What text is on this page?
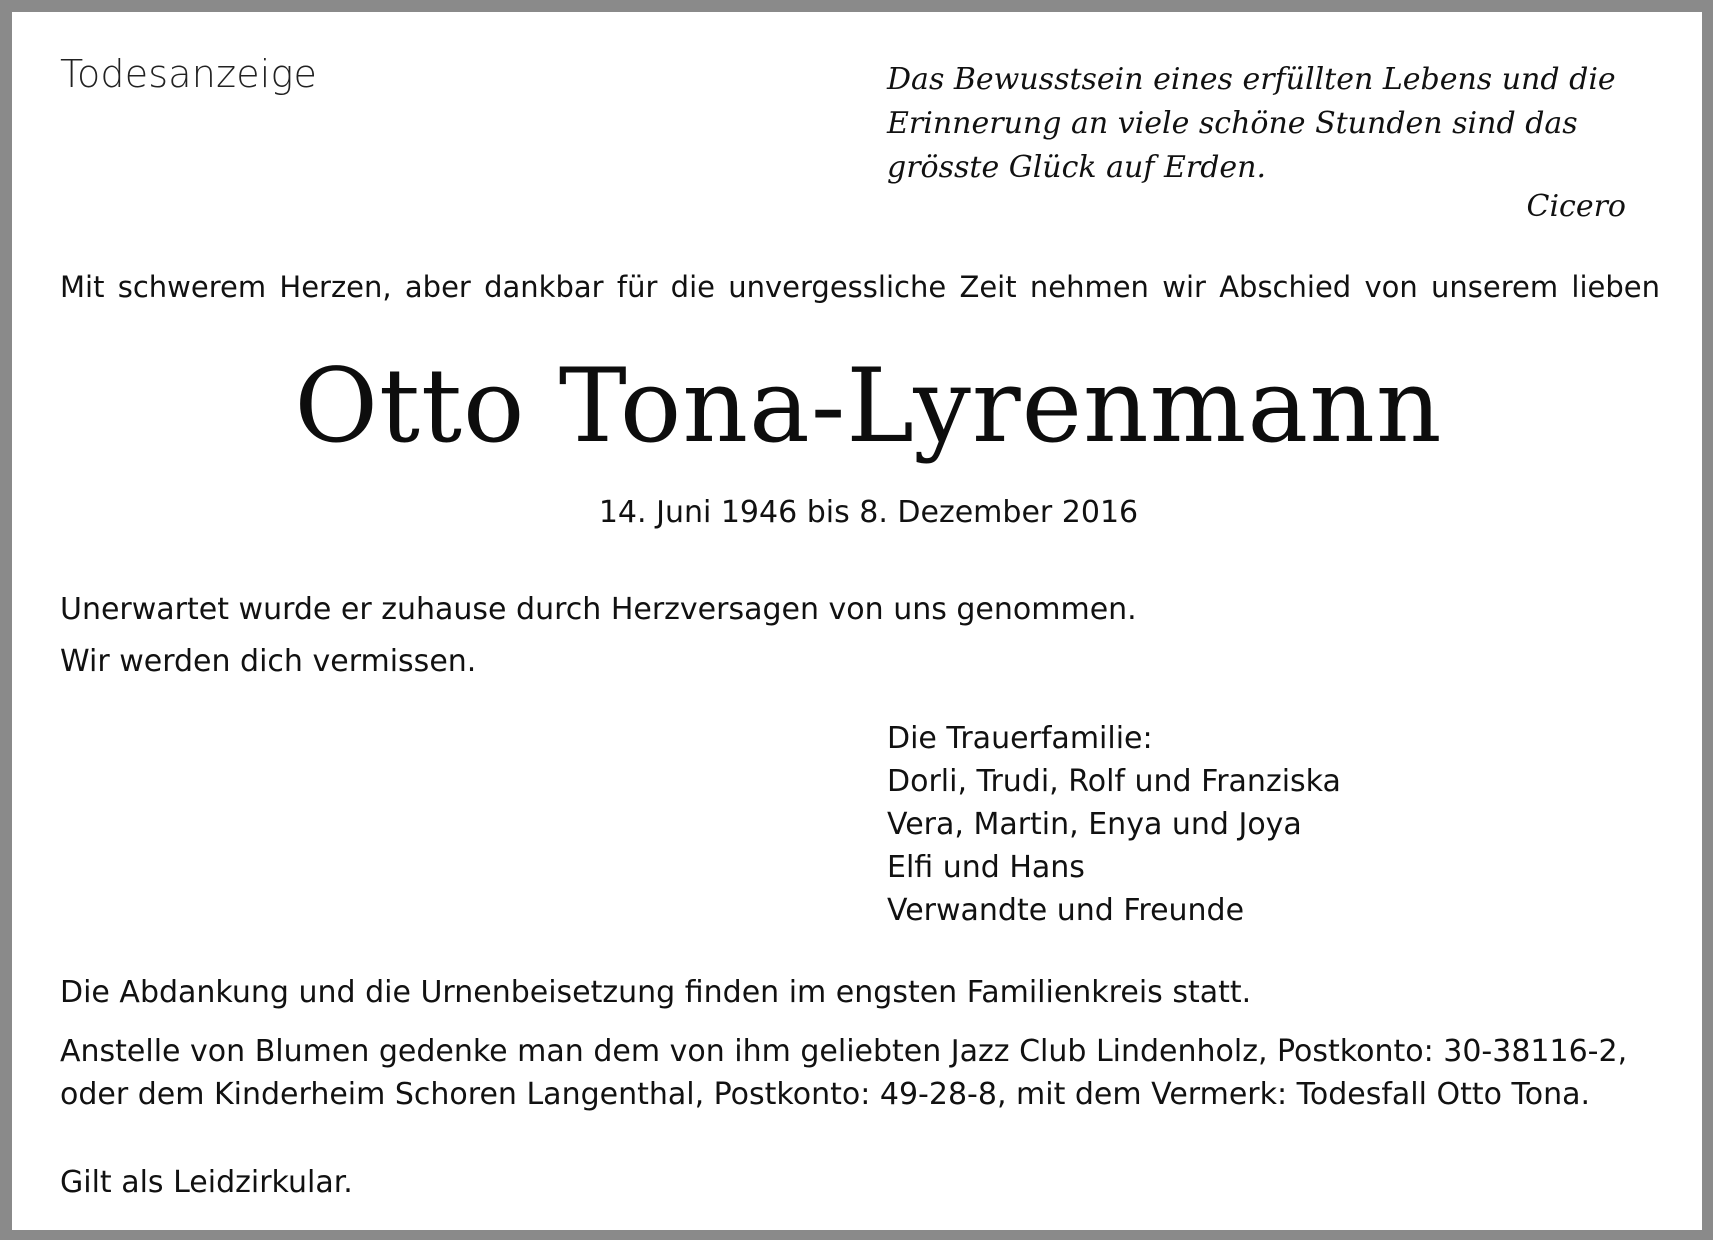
Todesanzeige	Das Bewusstsein eines erfüllten Lebens und die Erinnerung an viele schöne Stunden sind das grösste Glück auf Erden.
Cicero
Mit schwerem Herzen, aber dankbar für die unvergessliche Zeit nehmen wir Abschied von unserem lieben
Otto Tona-Lyrenmann
14. Juni 1946 bis 8. Dezember 2016
Unerwartet wurde er zuhause durch Herzversagen von uns genommen.
Wir werden dich vermissen.
Die Trauerfamilie:
Dorli, Trudi, Rolf und Franziska
Vera, Martin, Enya und Joya
Elfi und Hans
Verwandte und Freunde
Die Abdankung und die Urnenbeisetzung finden im engsten Familienkreis statt.
Anstelle von Blumen gedenke man dem von ihm geliebten Jazz Club Lindenholz, Postkonto: 30-38116-2, oder dem Kinderheim Schoren Langenthal, Postkonto: 49-28-8, mit dem Vermerk: Todesfall Otto Tona.
Gilt als Leidzirkular.
